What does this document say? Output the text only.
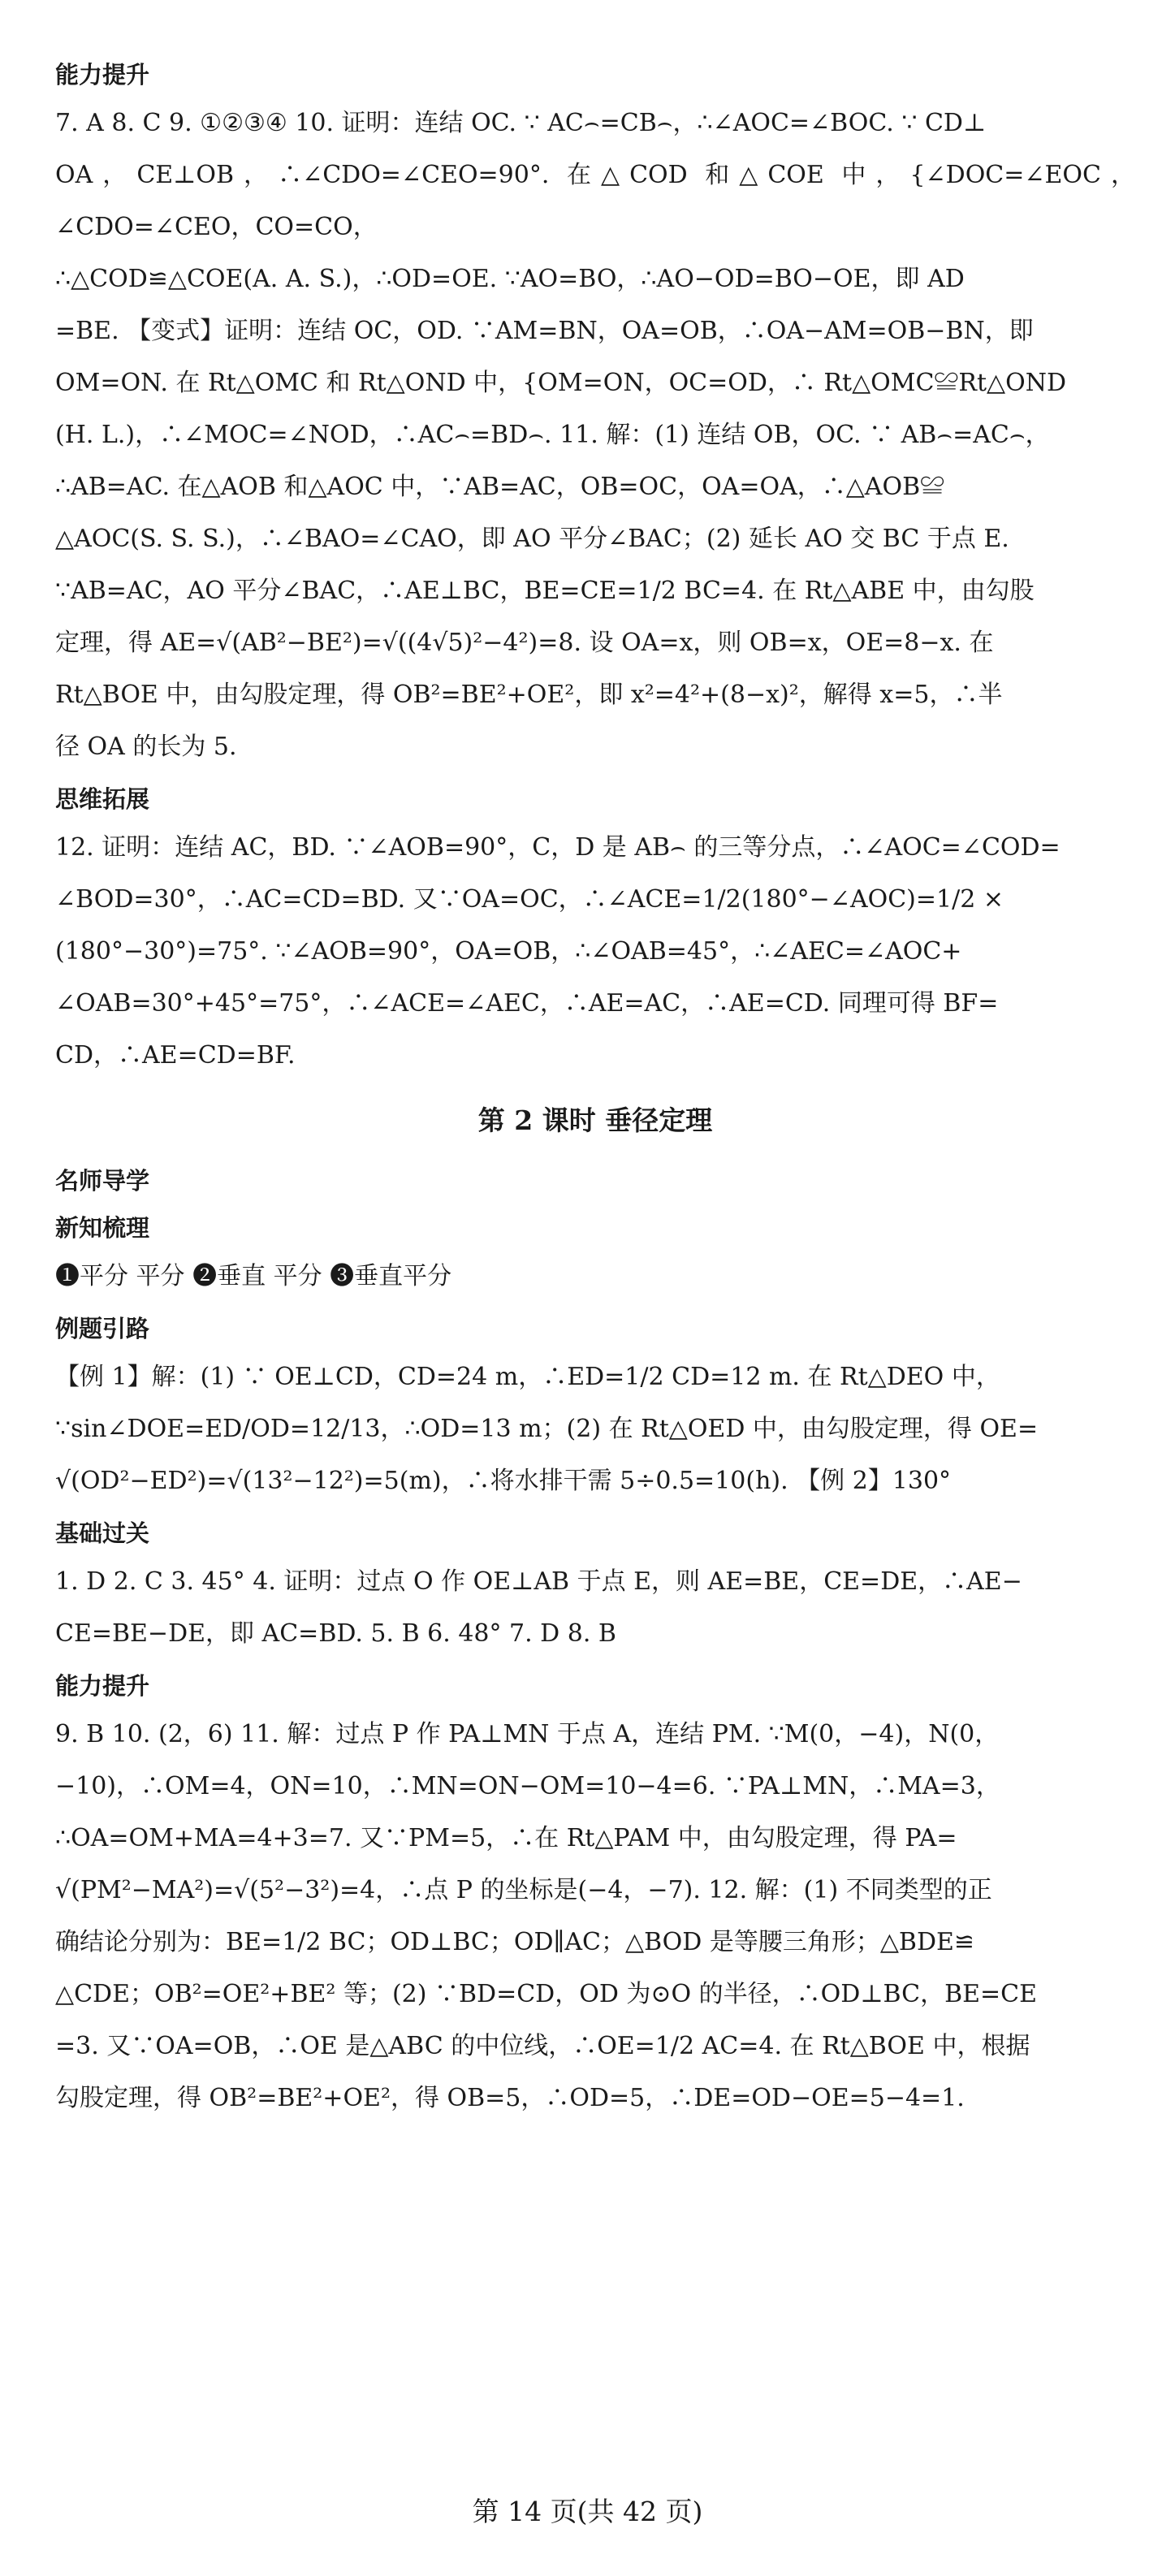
能力提升
7. A 8. C 9. ①②③④ 10. 证明：连结 OC. ∵ AC⌢=CB⌢，∴∠AOC=∠BOC. ∵ CD⊥
OA，CE⊥OB，∴∠CDO=∠CEO=90°. 在△COD 和△COE 中，{∠DOC=∠EOC，∠CDO=∠CEO，CO=CO，
∴△COD≌△COE(A. A. S.)，∴OD=OE. ∵AO=BO，∴AO−OD=BO−OE，即 AD
=BE. 【变式】证明：连结 OC，OD. ∵AM=BN，OA=OB，∴OA−AM=OB−BN，即
OM=ON. 在 Rt△OMC 和 Rt△OND 中，{OM=ON，OC=OD，∴ Rt△OMC≌Rt△OND
(H. L.)，∴∠MOC=∠NOD，∴AC⌢=BD⌢. 11. 解：(1) 连结 OB，OC. ∵ AB⌢=AC⌢，
∴AB=AC. 在△AOB 和△AOC 中，∵AB=AC，OB=OC，OA=OA，∴△AOB≌
△AOC(S. S. S.)，∴∠BAO=∠CAO，即 AO 平分∠BAC；(2) 延长 AO 交 BC 于点 E.
∵AB=AC，AO 平分∠BAC，∴AE⊥BC，BE=CE=1/2 BC=4. 在 Rt△ABE 中，由勾股
定理，得 AE=√(AB²−BE²)=√((4√5)²−4²)=8. 设 OA=x，则 OB=x，OE=8−x. 在
Rt△BOE 中，由勾股定理，得 OB²=BE²+OE²，即 x²=4²+(8−x)²，解得 x=5，∴半
径 OA 的长为 5.
思维拓展
12. 证明：连结 AC，BD. ∵∠AOB=90°，C，D 是 AB⌢ 的三等分点，∴∠AOC=∠COD=
∠BOD=30°，∴AC=CD=BD. 又∵OA=OC，∴∠ACE=1/2(180°−∠AOC)=1/2 ×
(180°−30°)=75°. ∵∠AOB=90°，OA=OB，∴∠OAB=45°，∴∠AEC=∠AOC+
∠OAB=30°+45°=75°，∴∠ACE=∠AEC，∴AE=AC，∴AE=CD. 同理可得 BF=
CD，∴AE=CD=BF.
第 2 课时 垂径定理
名师导学
新知梳理
❶平分 平分 ❷垂直 平分 ❸垂直平分
例题引路
【例 1】解：(1) ∵ OE⊥CD，CD=24 m，∴ED=1/2 CD=12 m. 在 Rt△DEO 中，
∵sin∠DOE=ED/OD=12/13，∴OD=13 m；(2) 在 Rt△OED 中，由勾股定理，得 OE=
√(OD²−ED²)=√(13²−12²)=5(m)，∴将水排干需 5÷0.5=10(h). 【例 2】130°
基础过关
1. D 2. C 3. 45° 4. 证明：过点 O 作 OE⊥AB 于点 E，则 AE=BE，CE=DE，∴AE−
CE=BE−DE，即 AC=BD. 5. B 6. 48° 7. D 8. B
能力提升
9. B 10. (2，6) 11. 解：过点 P 作 PA⊥MN 于点 A，连结 PM. ∵M(0，−4)，N(0，
−10)，∴OM=4，ON=10，∴MN=ON−OM=10−4=6. ∵PA⊥MN，∴MA=3，
∴OA=OM+MA=4+3=7. 又∵PM=5，∴在 Rt△PAM 中，由勾股定理，得 PA=
√(PM²−MA²)=√(5²−3²)=4，∴点 P 的坐标是(−4，−7). 12. 解：(1) 不同类型的正
确结论分别为：BE=1/2 BC；OD⊥BC；OD∥AC；△BOD 是等腰三角形；△BDE≌
△CDE；OB²=OE²+BE² 等；(2) ∵BD=CD，OD 为⊙O 的半径，∴OD⊥BC，BE=CE
=3. 又∵OA=OB，∴OE 是△ABC 的中位线，∴OE=1/2 AC=4. 在 Rt△BOE 中，根据
勾股定理，得 OB²=BE²+OE²，得 OB=5，∴OD=5，∴DE=OD−OE=5−4=1.
第 14 页(共 42 页)
